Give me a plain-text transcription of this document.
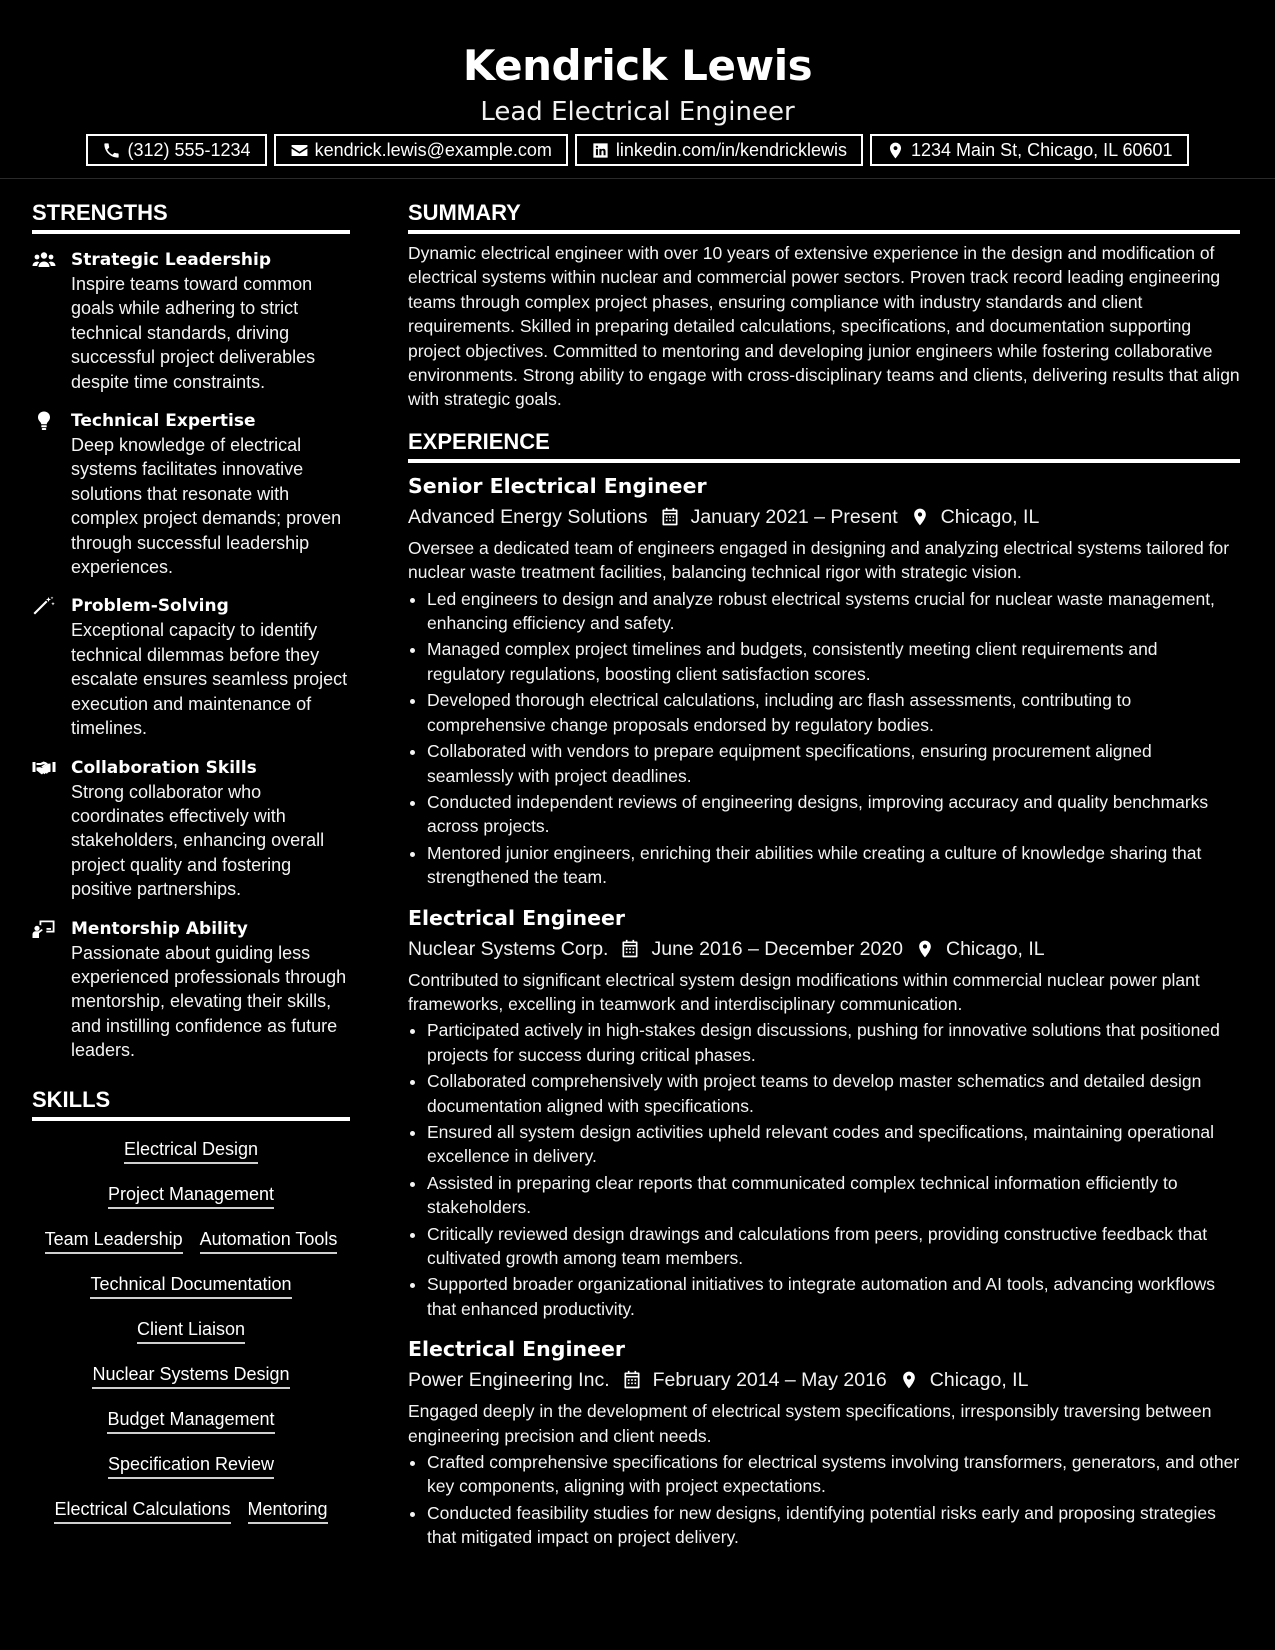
Kendrick Lewis
Lead Electrical Engineer
(312) 555-1234	kendrick.lewis@example.com	linkedin.com/in/kendricklewis	1234 Main St, Chicago, IL 60601
STRENGTHS
Strategic Leadership
Inspire teams toward common goals while adhering to strict technical standards, driving successful project deliverables despite time constraints.
Technical Expertise
Deep knowledge of electrical systems facilitates innovative solutions that resonate with complex project demands; proven through successful leadership experiences.
Problem-Solving
Exceptional capacity to identify technical dilemmas before they escalate ensures seamless project execution and maintenance of timelines.
Collaboration Skills
Strong collaborator who coordinates effectively with stakeholders, enhancing overall project quality and fostering positive partnerships.
Mentorship Ability
Passionate about guiding less experienced professionals through mentorship, elevating their skills, and instilling confidence as future leaders.
SKILLS
Electrical Design
Project Management
Team Leadership Automation Tools
Technical Documentation
Client Liaison
Nuclear Systems Design
Budget Management
Specification Review
Electrical Calculations Mentoring
SUMMARY
Dynamic electrical engineer with over 10 years of extensive experience in the design and modification of electrical systems within nuclear and commercial power sectors. Proven track record leading engineering teams through complex project phases, ensuring compliance with industry standards and client requirements. Skilled in preparing detailed calculations, specifications, and documentation supporting project objectives. Committed to mentoring and developing junior engineers while fostering collaborative environments. Strong ability to engage with cross-disciplinary teams and clients, delivering results that align with strategic goals.
EXPERIENCE
Senior Electrical Engineer
Advanced Energy Solutions January 2021 – Present Chicago, IL
Oversee a dedicated team of engineers engaged in designing and analyzing electrical systems tailored for nuclear waste treatment facilities, balancing technical rigor with strategic vision.
• Led engineers to design and analyze robust electrical systems crucial for nuclear waste management, enhancing efficiency and safety.
• Managed complex project timelines and budgets, consistently meeting client requirements and regulatory regulations, boosting client satisfaction scores.
• Developed thorough electrical calculations, including arc flash assessments, contributing to comprehensive change proposals endorsed by regulatory bodies.
• Collaborated with vendors to prepare equipment specifications, ensuring procurement aligned seamlessly with project deadlines.
• Conducted independent reviews of engineering designs, improving accuracy and quality benchmarks across projects.
• Mentored junior engineers, enriching their abilities while creating a culture of knowledge sharing that strengthened the team.
Electrical Engineer
Nuclear Systems Corp. June 2016 – December 2020 Chicago, IL
Contributed to significant electrical system design modifications within commercial nuclear power plant frameworks, excelling in teamwork and interdisciplinary communication.
• Participated actively in high-stakes design discussions, pushing for innovative solutions that positioned projects for success during critical phases.
• Collaborated comprehensively with project teams to develop master schematics and detailed design documentation aligned with specifications.
• Ensured all system design activities upheld relevant codes and specifications, maintaining operational excellence in delivery.
• Assisted in preparing clear reports that communicated complex technical information efficiently to stakeholders.
• Critically reviewed design drawings and calculations from peers, providing constructive feedback that cultivated growth among team members.
• Supported broader organizational initiatives to integrate automation and AI tools, advancing workflows that enhanced productivity.
Electrical Engineer
Power Engineering Inc. February 2014 – May 2016 Chicago, IL
Engaged deeply in the development of electrical system specifications, irresponsibly traversing between engineering precision and client needs.
• Crafted comprehensive specifications for electrical systems involving transformers, generators, and other key components, aligning with project expectations.
• Conducted feasibility studies for new designs, identifying potential risks early and proposing strategies that mitigated impact on project delivery.
